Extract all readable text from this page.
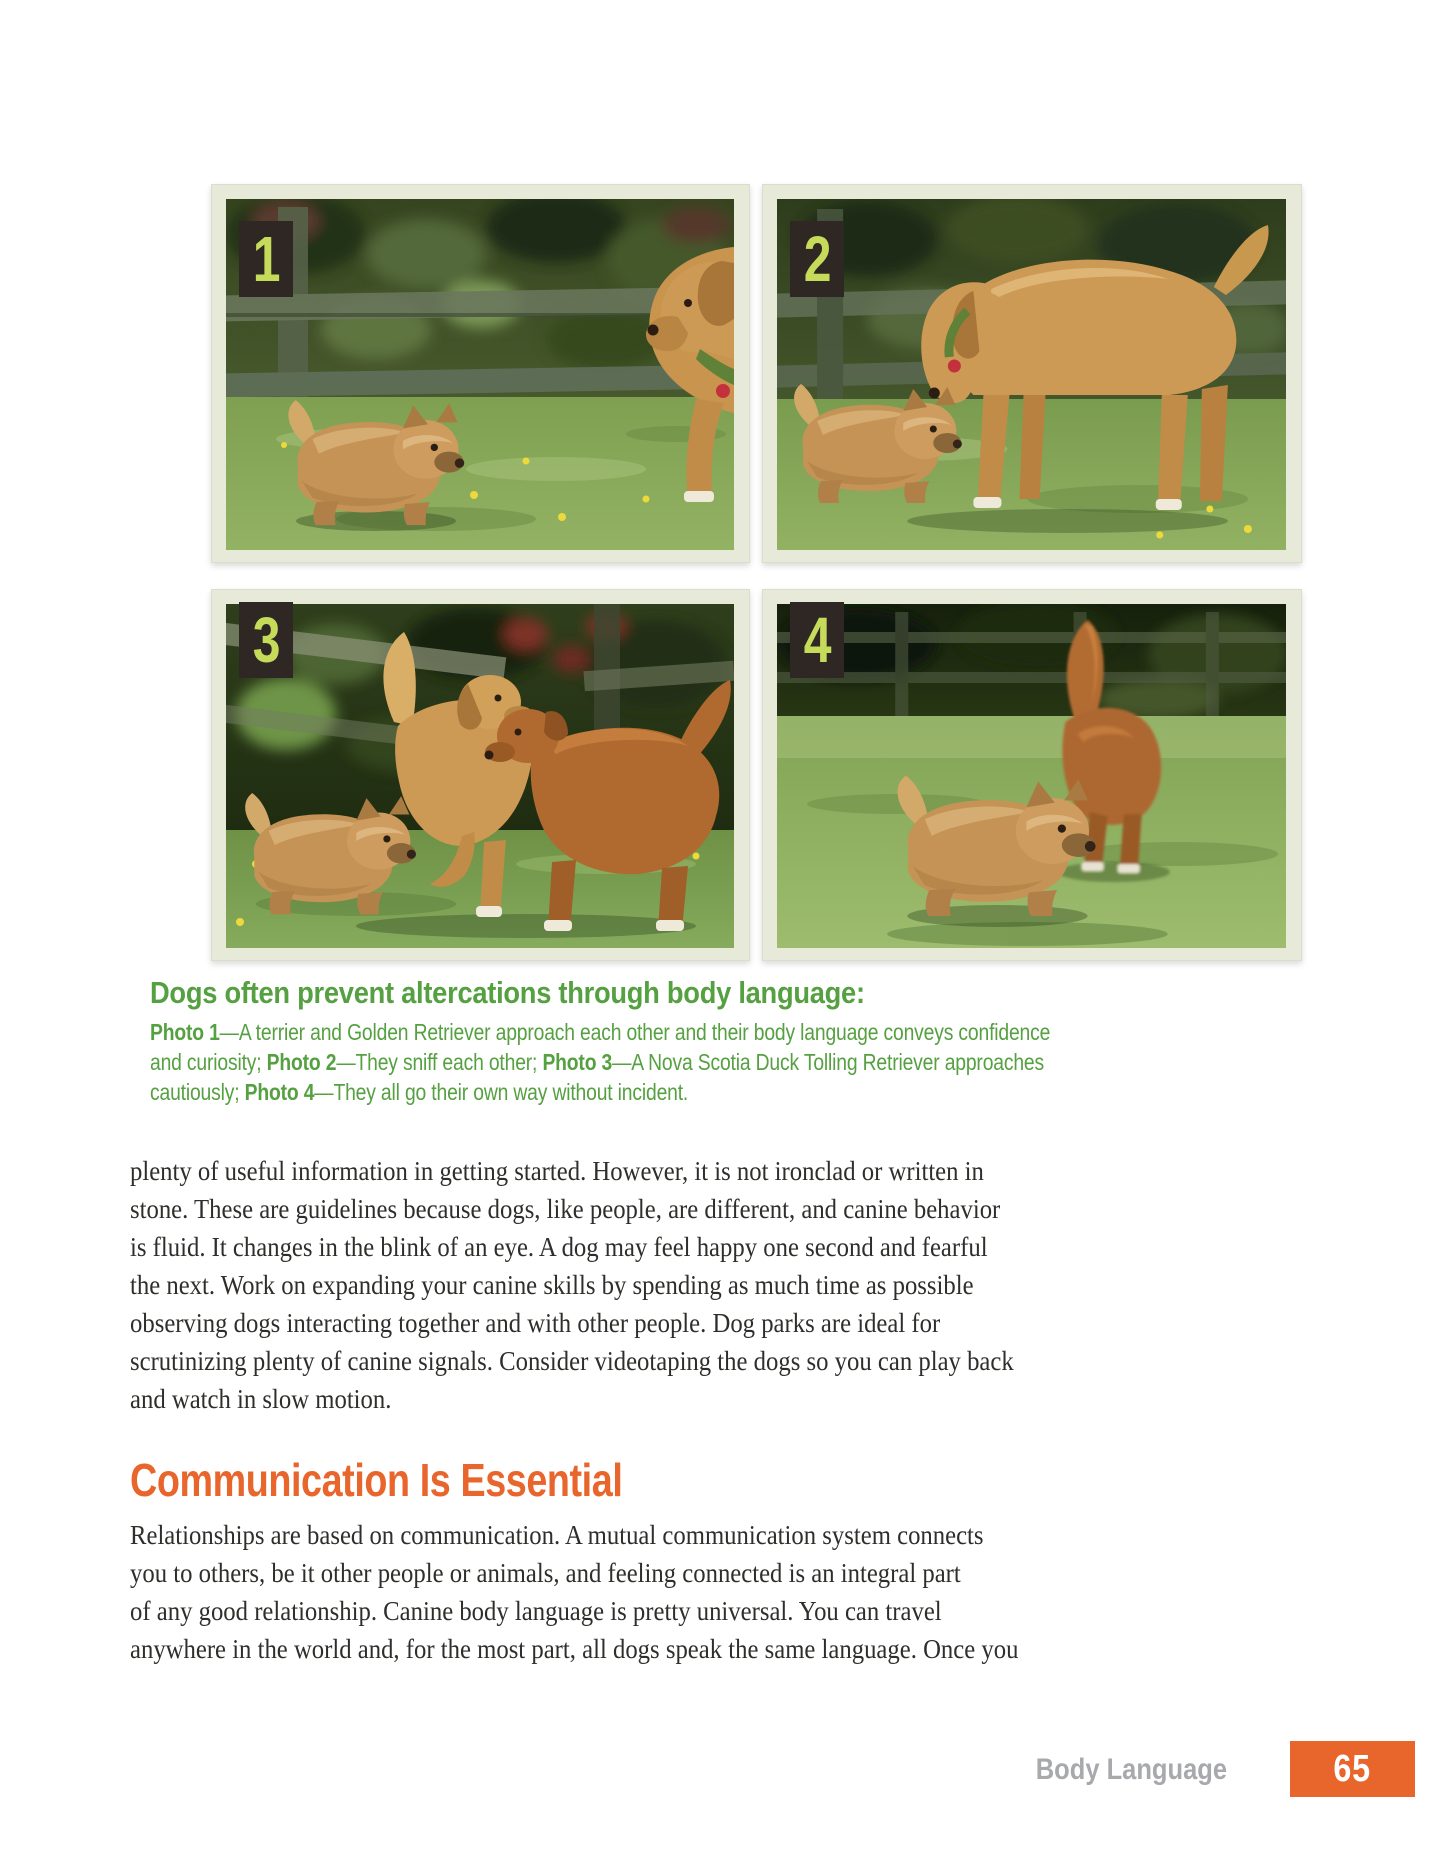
1	2
3	4

Dogs often prevent altercations through body language:

Photo 1—A terrier and Golden Retriever approach each other and their body language conveys confidence
and curiosity; Photo 2—They sniff each other; Photo 3—A Nova Scotia Duck Tolling Retriever approaches
cautiously; Photo 4—They all go their own way without incident.
plenty of useful information in getting started. However, it is not ironclad or written in
stone. These are guidelines because dogs, like people, are different, and canine behavior
is fluid. It changes in the blink of an eye. A dog may feel happy one second and fearful
the next. Work on expanding your canine skills by spending as much time as possible
observing dogs interacting together and with other people. Dog parks are ideal for
scrutinizing plenty of canine signals. Consider videotaping the dogs so you can play back
and watch in slow motion.
Communication Is Essential
Relationships are based on communication. A mutual communication system connects
you to others, be it other people or animals, and feeling connected is an integral part
of any good relationship. Canine body language is pretty universal. You can travel
anywhere in the world and, for the most part, all dogs speak the same language. Once you

Body Language	65
